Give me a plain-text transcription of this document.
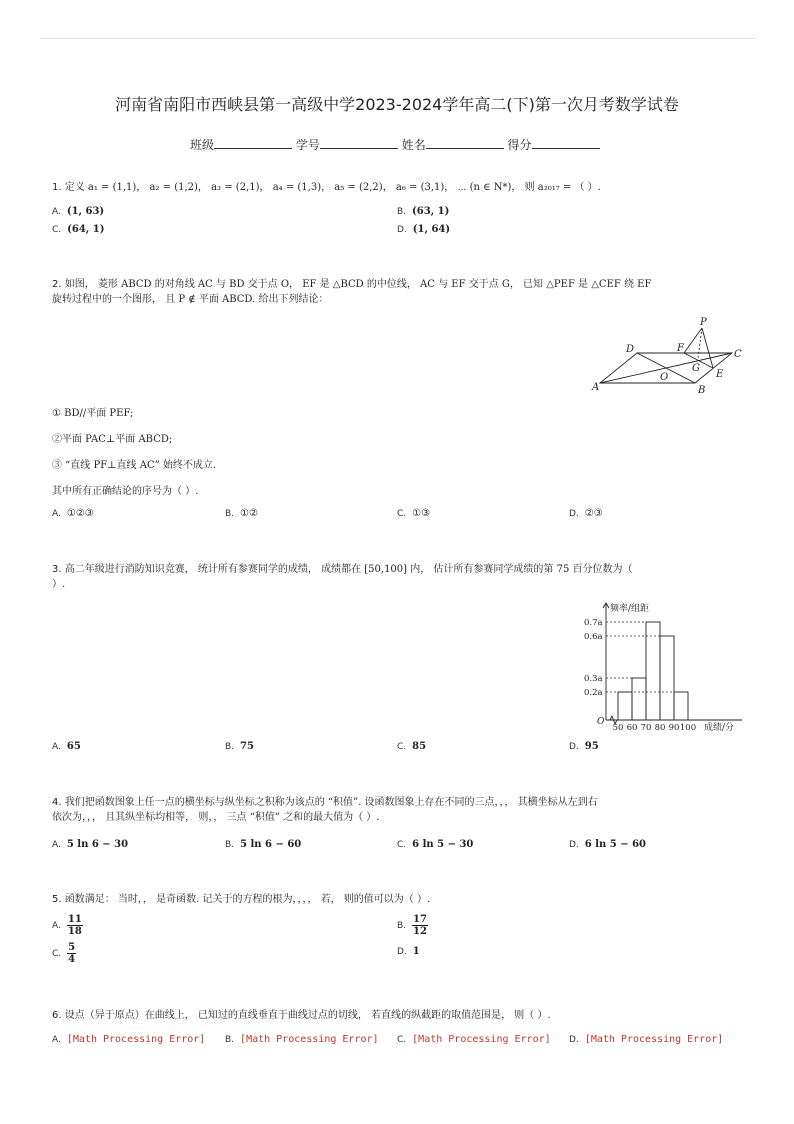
河南省南阳市西峡县第一高级中学2023-2024学年高二(下)第一次月考数学试卷
班级	学号	姓名	得分
1. 定义 a₁ = (1,1)， a₂ = (1,2)， a₃ = (2,1)， a₄ = (1,3)， a₅ = (2,2)， a₆ = (3,1)， ⋯ (n ∈ N*)， 则 a₂₀₁₇ = （ ）.
A. (1, 63)	B. (63, 1)
C. (64, 1)	D. (1, 64)
2. 如图， 菱形 ABCD 的对角线 AC 与 BD 交于点 O， EF 是 △BCD 的中位线， AC 与 EF 交于点 G， 已知 △PEF 是 △CEF 绕 EF
旋转过程中的一个图形， 且 P ∉ 平面 ABCD. 给出下列结论：
P
D	F
C
G
E
O
A	B
① BD//平面 PEF;
②平面 PAC⊥平面 ABCD;
③ “直线 PF⊥直线 AC” 始终不成立.
其中所有正确结论的序号为（ ）.
A. ①②③	B. ①②	C. ①③	D. ②③
3. 高二年级进行消防知识竞赛， 统计所有参赛同学的成绩， 成绩都在 [50,100] 内， 估计所有参赛同学成绩的第 75 百分位数为（
）.
频率/组距
成绩/分
O
0.7a
0.6a
0.3a
0.2a
50 60 70 80 90 100
A. 65	B. 75	C. 85	D. 95
4. 我们把函数图象上任一点的横坐标与纵坐标之积称为该点的 “积值”. 设函数图象上存在不同的三点，，， 其横坐标从左到右
依次为，，， 且其纵坐标均相等， 则，， 三点 “积值” 之和的最大值为（ ）.
A. 5 ln 6 − 30	B. 5 ln 6 − 60	C. 6 ln 5 − 30	D. 6 ln 5 − 60
5. 函数满足： 当时，， 是奇函数. 记关于的方程的根为，，，， 若， 则的值可以为（ ）.
A. $\frac{11}{18}$	B. $\frac{17}{12}$
C. $\frac{5}{4}$	D. 1
6. 设点（异于原点）在曲线上， 已知过的直线垂直于曲线过点的切线， 若直线的纵截距的取值范围是， 则（ ）.
A. [Math Processing Error] B. [Math Processing Error] C. [Math Processing Error] D. [Math Processing Error]
